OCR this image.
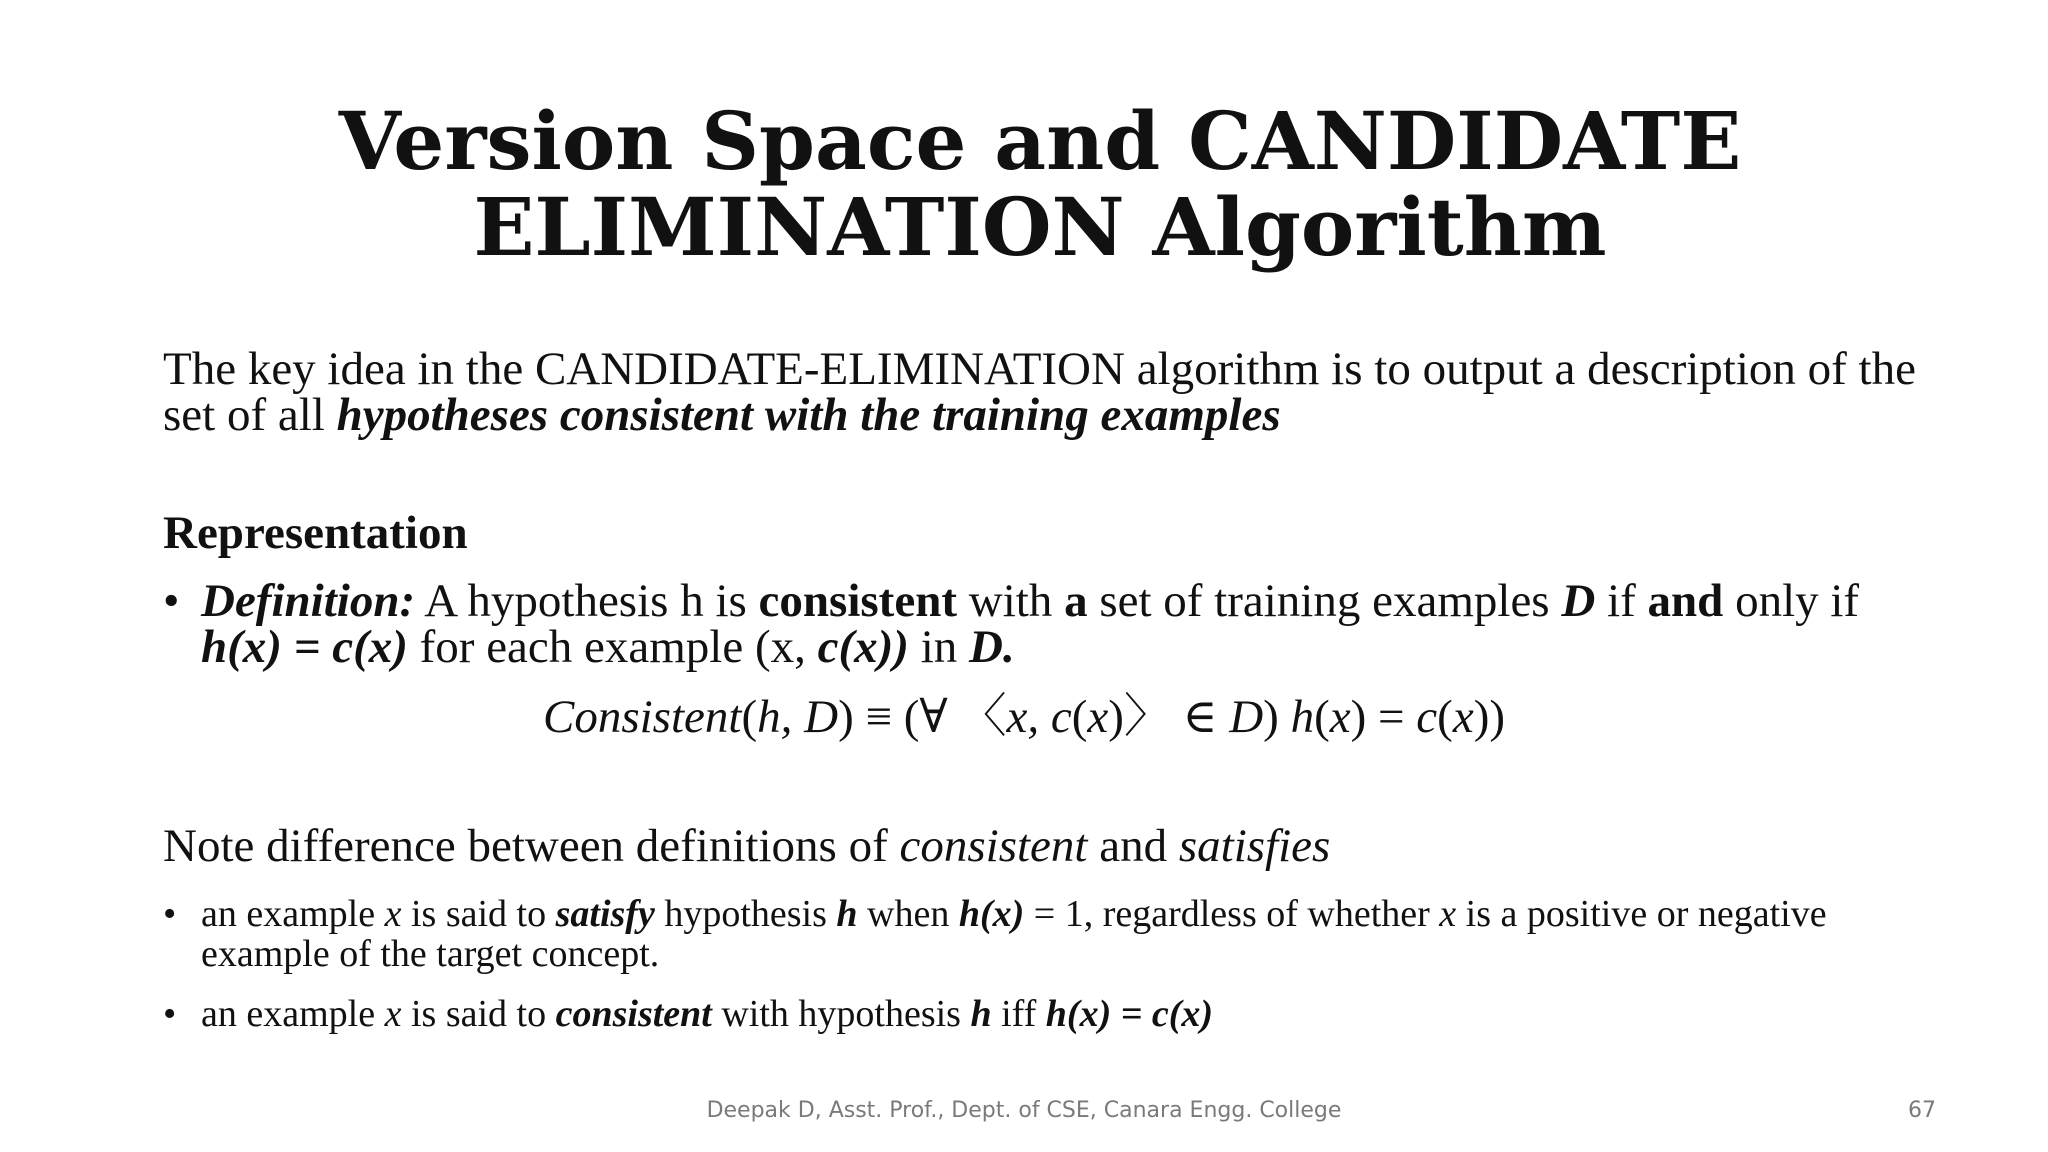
Version Space and CANDIDATE
ELIMINATION Algorithm

The key idea in the CANDIDATE-ELIMINATION algorithm is to output a description of the set of all hypotheses consistent with the training examples

Representation

• Definition: A hypothesis h is consistent with a set of training examples D if and only if h(x) = c(x) for each example (x, c(x)) in D.
Consistent(h, D) ≡ (∀ 〈x, c(x)〉 ∈ D) h(x) = c(x))

Note difference between definitions of consistent and satisfies

• an example x is said to satisfy hypothesis h when h(x) = 1, regardless of whether x is a positive or negative example of the target concept.
• an example x is said to consistent with hypothesis h iff h(x) = c(x)
Deepak D, Asst. Prof., Dept. of CSE, Canara Engg. College	67
